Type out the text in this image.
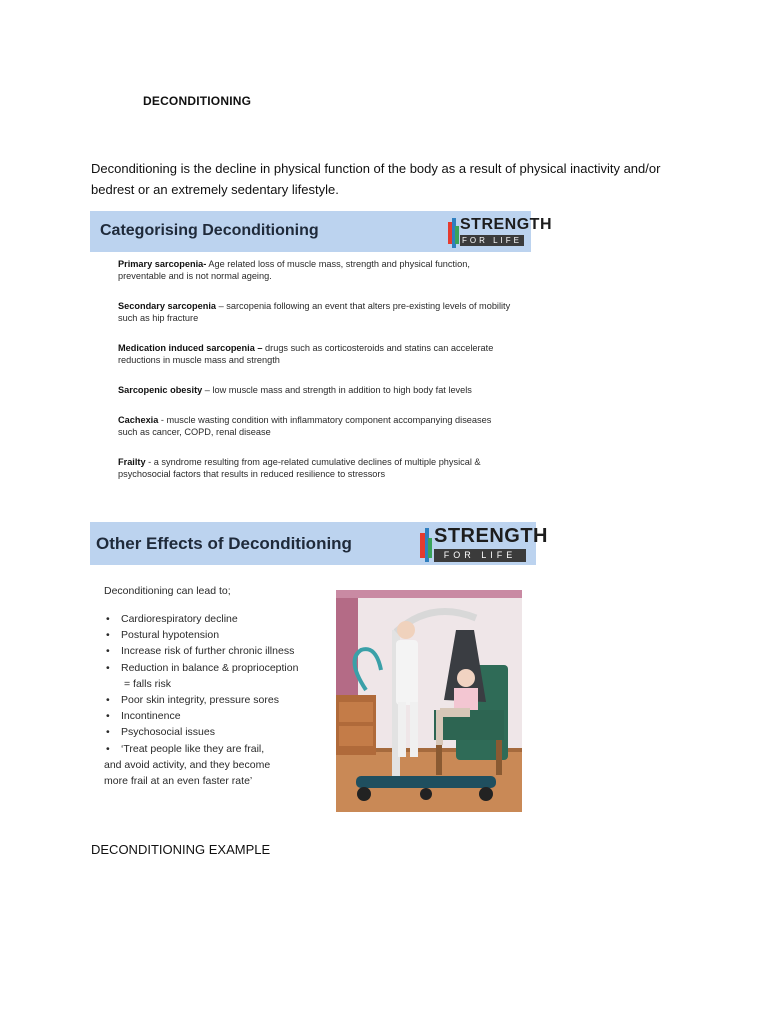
DECONDITIONING
Deconditioning is the decline in physical function of the body as a result of physical inactivity and/or bedrest or an extremely sedentary lifestyle.
Categorising Deconditioning	STRENGTH
FOR LIFE
Primary sarcopenia- Age related loss of muscle mass, strength and physical function, preventable and is not normal ageing.
Secondary sarcopenia – sarcopenia following an event that alters pre-existing levels of mobility such as hip fracture
Medication induced sarcopenia – drugs such as corticosteroids and statins can accelerate reductions in muscle mass and strength
Sarcopenic obesity – low muscle mass and strength in addition to high body fat levels
Cachexia - muscle wasting condition with inflammatory component accompanying diseases such as cancer, COPD, renal disease
Frailty - a syndrome resulting from age-related cumulative declines of multiple physical & psychosocial factors that results in reduced resilience to stressors
Other Effects of Deconditioning	STRENGTH
FOR LIFE
Deconditioning can lead to;
• Cardiorespiratory decline
• Postural hypotension
• Increase risk of further chronic illness
• Reduction in balance & proprioception
= falls risk
• Poor skin integrity, pressure sores
• Incontinence
• Psychosocial issues
• ‘Treat people like they are frail,
and avoid activity, and they become
more frail at an even faster rate’
DECONDITIONING EXAMPLE
